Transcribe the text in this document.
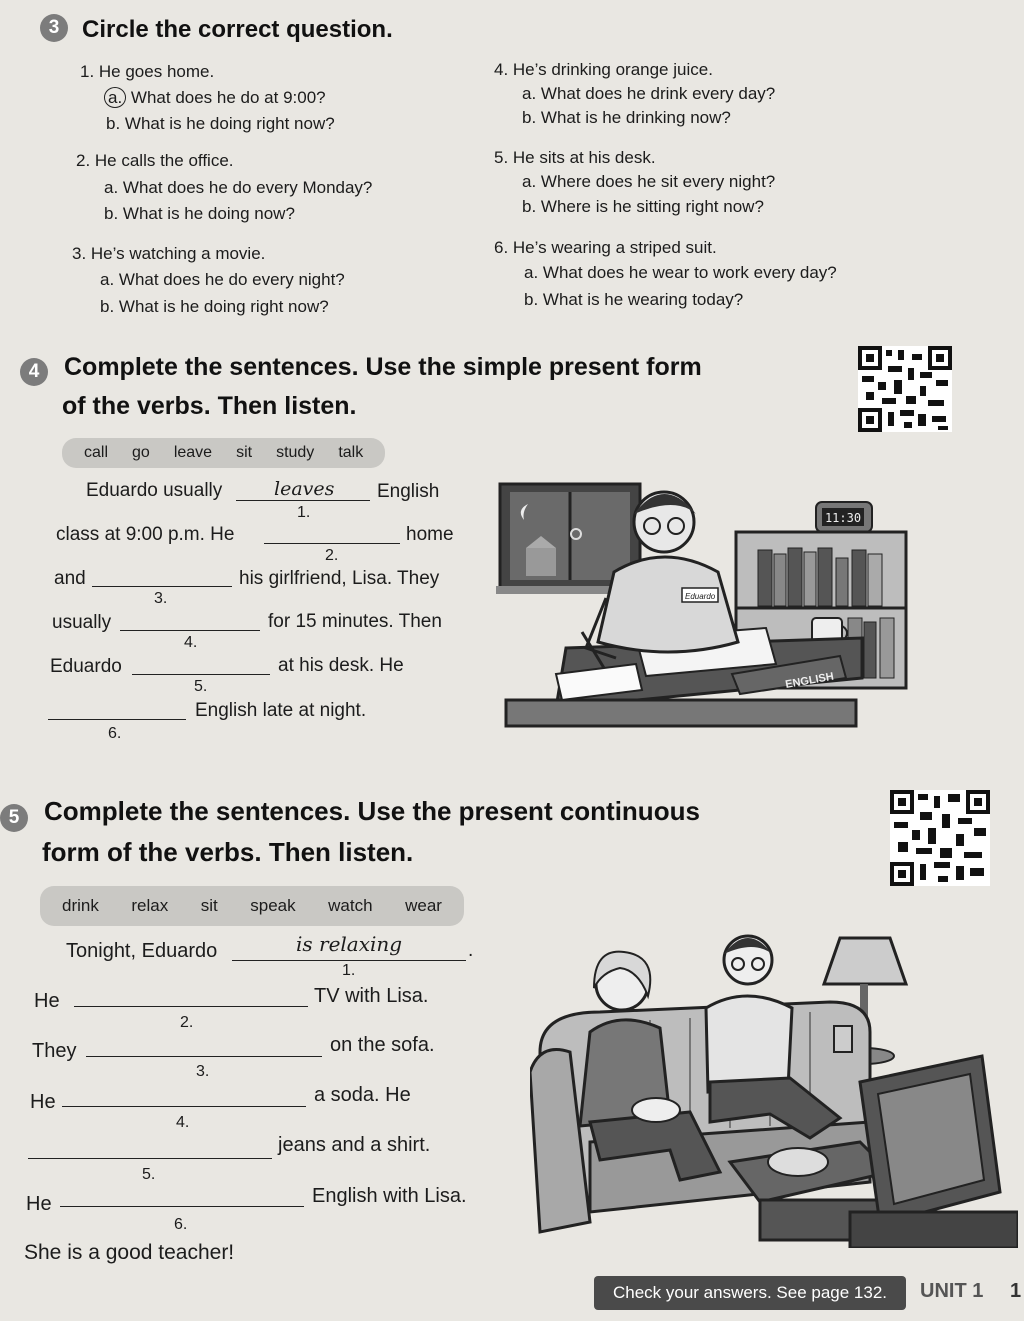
3 Circle the correct question.
1. He goes home.
a. What does he do at 9:00?
b. What is he doing right now?
2. He calls the office.
a. What does he do every Monday?
b. What is he doing now?
3. He’s watching a movie.
a. What does he do every night?
b. What is he doing right now?
4. He’s drinking orange juice.
a. What does he drink every day?
b. What is he drinking now?
5. He sits at his desk.
a. Where does he sit every night?
b. Where is he sitting right now?
6. He’s wearing a striped suit.
a. What does he wear to work every day?
b. What is he wearing today?
4 Complete the sentences. Use the simple present form
of the verbs. Then listen.
call go leave sit study talk
Eduardo usually	leaves English
1.
class at 9:00 p.m. He	home
2.
and	his girlfriend, Lisa. They
3.
usually	for 15 minutes. Then
4.
Eduardo	at his desk. He
5.
English late at night.
6.
11:30
ENGLISH
Eduardo
5 Complete the sentences. Use the present continuous
form of the verbs. Then listen.
drink relax sit speak watch wear
Tonight, Eduardo	is relaxing	.
1.
He	TV with Lisa.
2.
They	on the sofa.
3.
He	a soda. He
4.
jeans and a shirt.
5.
He	English with Lisa.
6.
She is a good teacher!
Check your answers. See page 132.	UNIT 1 1
